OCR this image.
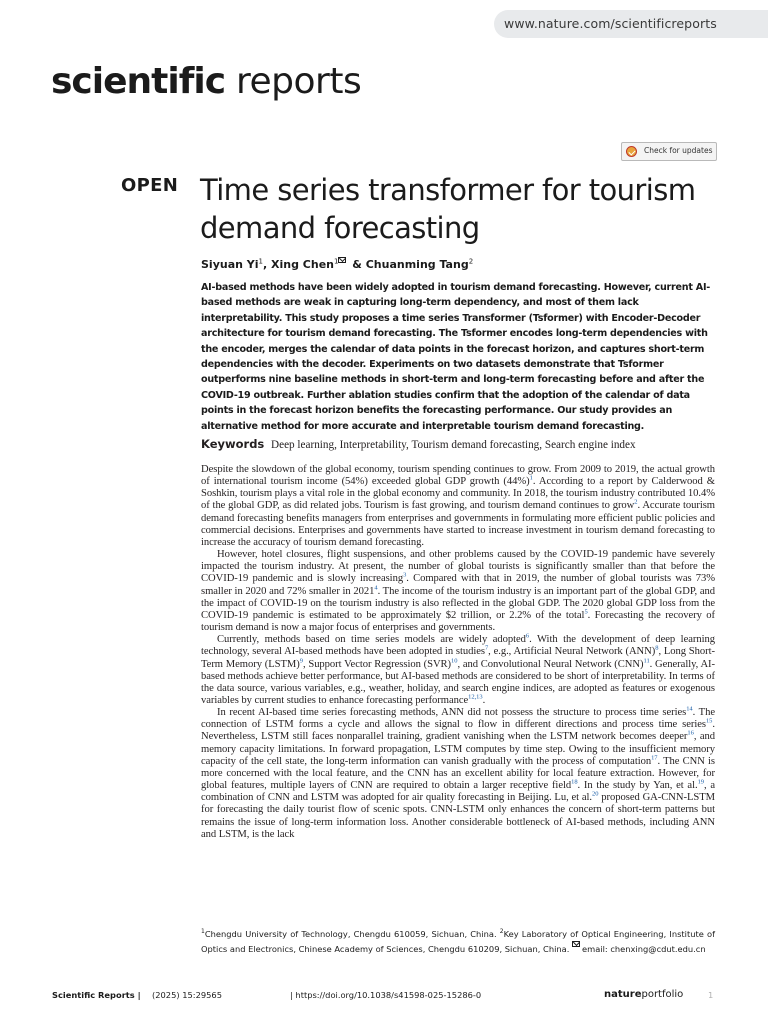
www.nature.com/scientificreports
scientific reports
Check for updates
OPEN Time series transformer for tourism demand forecasting
Siyuan Yi$^1$, Xing Chen$^1$ & Chuanming Tang$^2$

AI-based methods have been widely adopted in tourism demand forecasting. However, current AI-based methods are weak in capturing long-term dependency, and most of them lack interpretability. This study proposes a time series Transformer (Tsformer) with Encoder-Decoder architecture for tourism demand forecasting. The Tsformer encodes long-term dependencies with the encoder, merges the calendar of data points in the forecast horizon, and captures short-term dependencies with the decoder. Experiments on two datasets demonstrate that Tsformer outperforms nine baseline methods in short-term and long-term forecasting before and after the COVID-19 outbreak. Further ablation studies confirm that the adoption of the calendar of data points in the forecast horizon benefits the forecasting performance. Our study provides an alternative method for more accurate and interpretable tourism demand forecasting.

Keywords Deep learning, Interpretability, Tourism demand forecasting, Search engine index

Despite the slowdown of the global economy, tourism spending continues to grow. From 2009 to 2019, the actual growth of international tourism income (54%) exceeded global GDP growth $(44\%)^1$. According to a report by Calderwood & Soshkin, tourism plays a vital role in the global economy and community. In 2018, the tourism industry contributed 10.4% of the global GDP, as did related jobs. Tourism is fast growing, and tourism demand continues to grow$^2$. Accurate tourism demand forecasting benefits managers from enterprises and governments in formulating more efficient public policies and commercial decisions. Enterprises and governments have started to increase investment in tourism demand forecasting to increase the accuracy of tourism demand forecasting.

However, hotel closures, flight suspensions, and other problems caused by the COVID-19 pandemic have severely impacted the tourism industry. At present, the number of global tourists is significantly smaller than that before the COVID-19 pandemic and is slowly increasing$^3$. Compared with that in 2019, the number of global tourists was 73% smaller in 2020 and 72% smaller in 2021$^4$. The income of the tourism industry is an important part of the global GDP, and the impact of COVID-19 on the tourism industry is also reflected in the global GDP. The 2020 global GDP loss from the COVID-19 pandemic is estimated to be approximately $2 trillion, or 2.2% of the total$^5$. Forecasting the recovery of tourism demand is now a major focus of enterprises and governments.

Currently, methods based on time series models are widely adopted$^6$. With the development of deep learning technology, several AI-based methods have been adopted in studies$^7$, e.g., Artificial Neural Network (ANN)$^8$, Long Short-Term Memory (LSTM)$^9$, Support Vector Regression (SVR)$^{10}$, and Convolutional Neural Network (CNN)$^{11}$. Generally, AI-based methods achieve better performance, but AI-based methods are considered to be short of interpretability. In terms of the data source, various variables, e.g., weather, holiday, and search engine indices, are adopted as features or exogenous variables by current studies to enhance forecasting performance$^{12,13}$.

In recent AI-based time series forecasting methods, ANN did not possess the structure to process time series$^{14}$. The connection of LSTM forms a cycle and allows the signal to flow in different directions and process time series$^{15}$. Nevertheless, LSTM still faces nonparallel training, gradient vanishing when the LSTM network becomes deeper$^{16}$, and memory capacity limitations. In forward propagation, LSTM computes by time step. Owing to the insufficient memory capacity of the cell state, the long-term information can vanish gradually with the process of computation$^{17}$. The CNN is more concerned with the local feature, and the CNN has an excellent ability for local feature extraction. However, for global features, multiple layers of CNN are required to obtain a larger receptive field$^{18}$. In the study by Yan, et al.$^{19}$, a combination of CNN and LSTM was adopted for air quality forecasting in Beijing. Lu, et al.$^{20}$ proposed GA-CNN-LSTM for forecasting the daily tourist flow of scenic spots. CNN-LSTM only enhances the concern of short-term patterns but remains the issue of long-term information loss. Another considerable bottleneck of AI-based methods, including ANN and LSTM, is the lack

$^1$Chengdu University of Technology, Chengdu 610059, Sichuan, China. $^2$Key Laboratory of Optical Engineering, Institute of Optics and Electronics, Chinese Academy of Sciences, Chengdu 610209, Sichuan, China. email: chenxing@cdut.edu.cn
Scientific Reports | (2025) 15:29565	| https://doi.org/10.1038/s41598-025-15286-0	nature portfolio	1
